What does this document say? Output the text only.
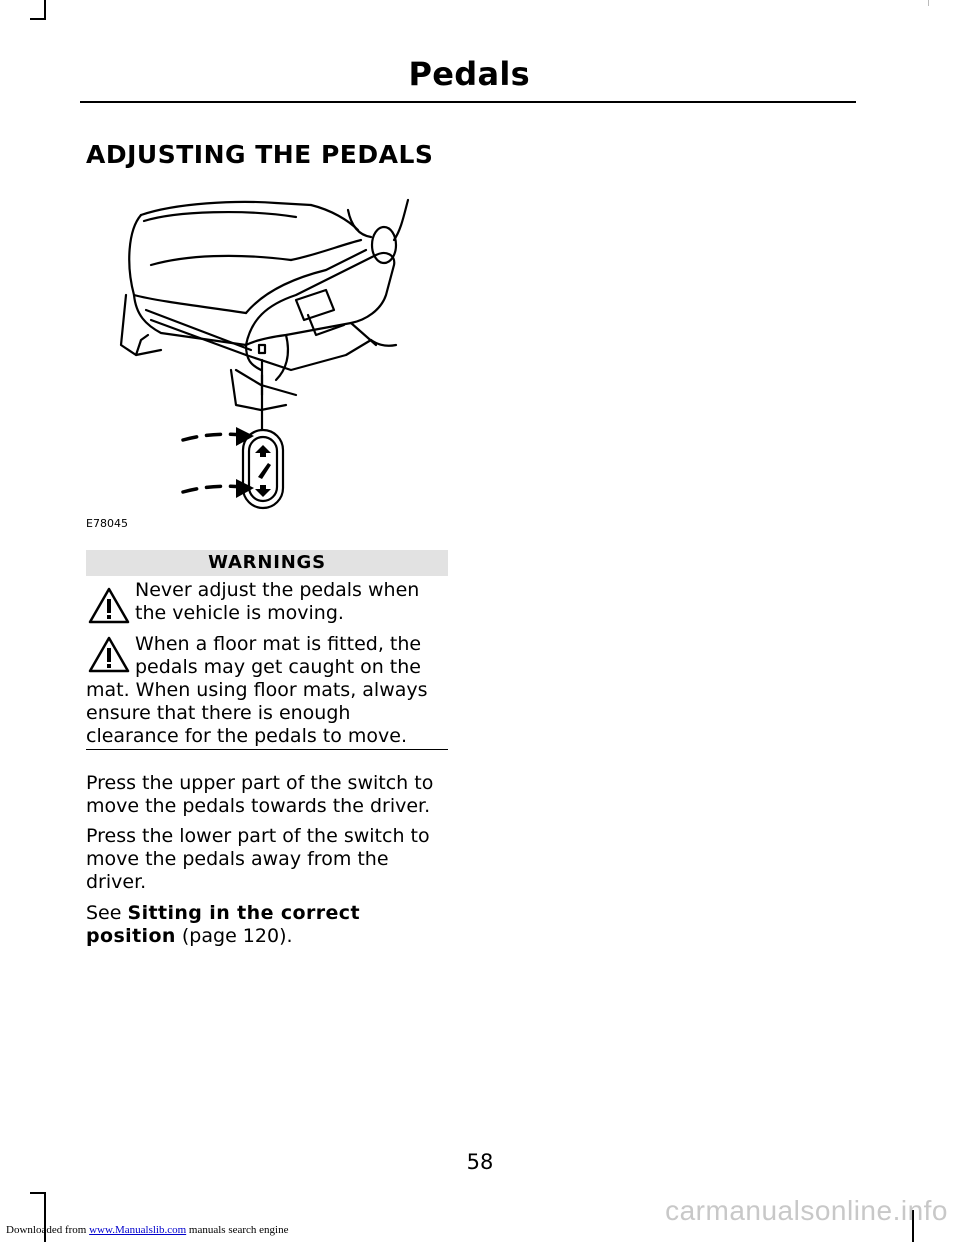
Pedals
ADJUSTING THE PEDALS
E78045
WARNINGS
Never adjust the pedals when
the vehicle is moving.
When a floor mat is fitted, the
pedals may get caught on the
mat. When using floor mats, always
ensure that there is enough
clearance for the pedals to move.
Press the upper part of the switch to
move the pedals towards the driver.
Press the lower part of the switch to
move the pedals away from the
driver.
See Sitting in the correct
position (page 120).
58
carmanualsonline.info
Downloaded from www.Manualslib.com manuals search engine
